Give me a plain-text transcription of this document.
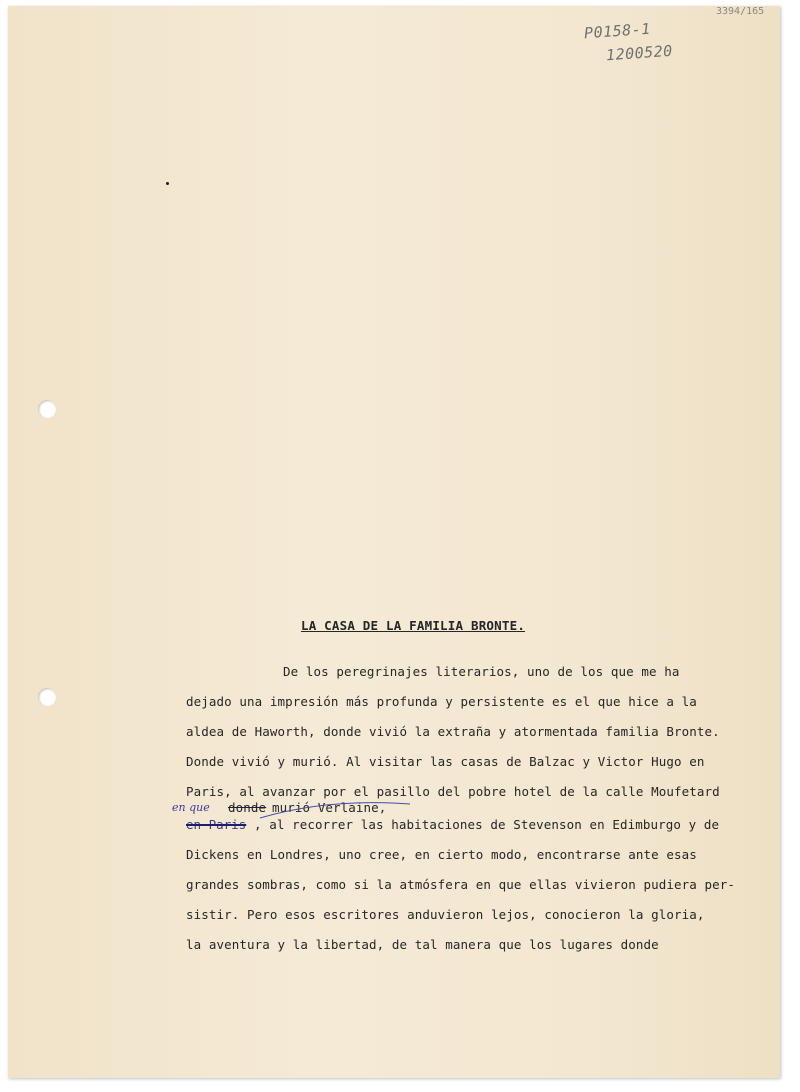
P0158-1
1200520
3394/165
LA CASA DE LA FAMILIA BRONTE.
De los peregrinajes literarios, uno de los que me ha
dejado una impresión más profunda y persistente es el que hice a la
aldea de Haworth, donde vivió la extraña y atormentada familia Bronte.
Donde vivió y murió. Al visitar las casas de Balzac y Victor Hugo en
Paris, al avanzar por el pasillo del pobre hotel de la calle Moufetard
en que donde murió Verlaine,
en Paris , al recorrer las habitaciones de Stevenson en Edimburgo y de
Dickens en Londres, uno cree, en cierto modo, encontrarse ante esas
grandes sombras, como si la atmósfera en que ellas vivieron pudiera per-
sistir. Pero esos escritores anduvieron lejos, conocieron la gloria,
la aventura y la libertad, de tal manera que los lugares donde
